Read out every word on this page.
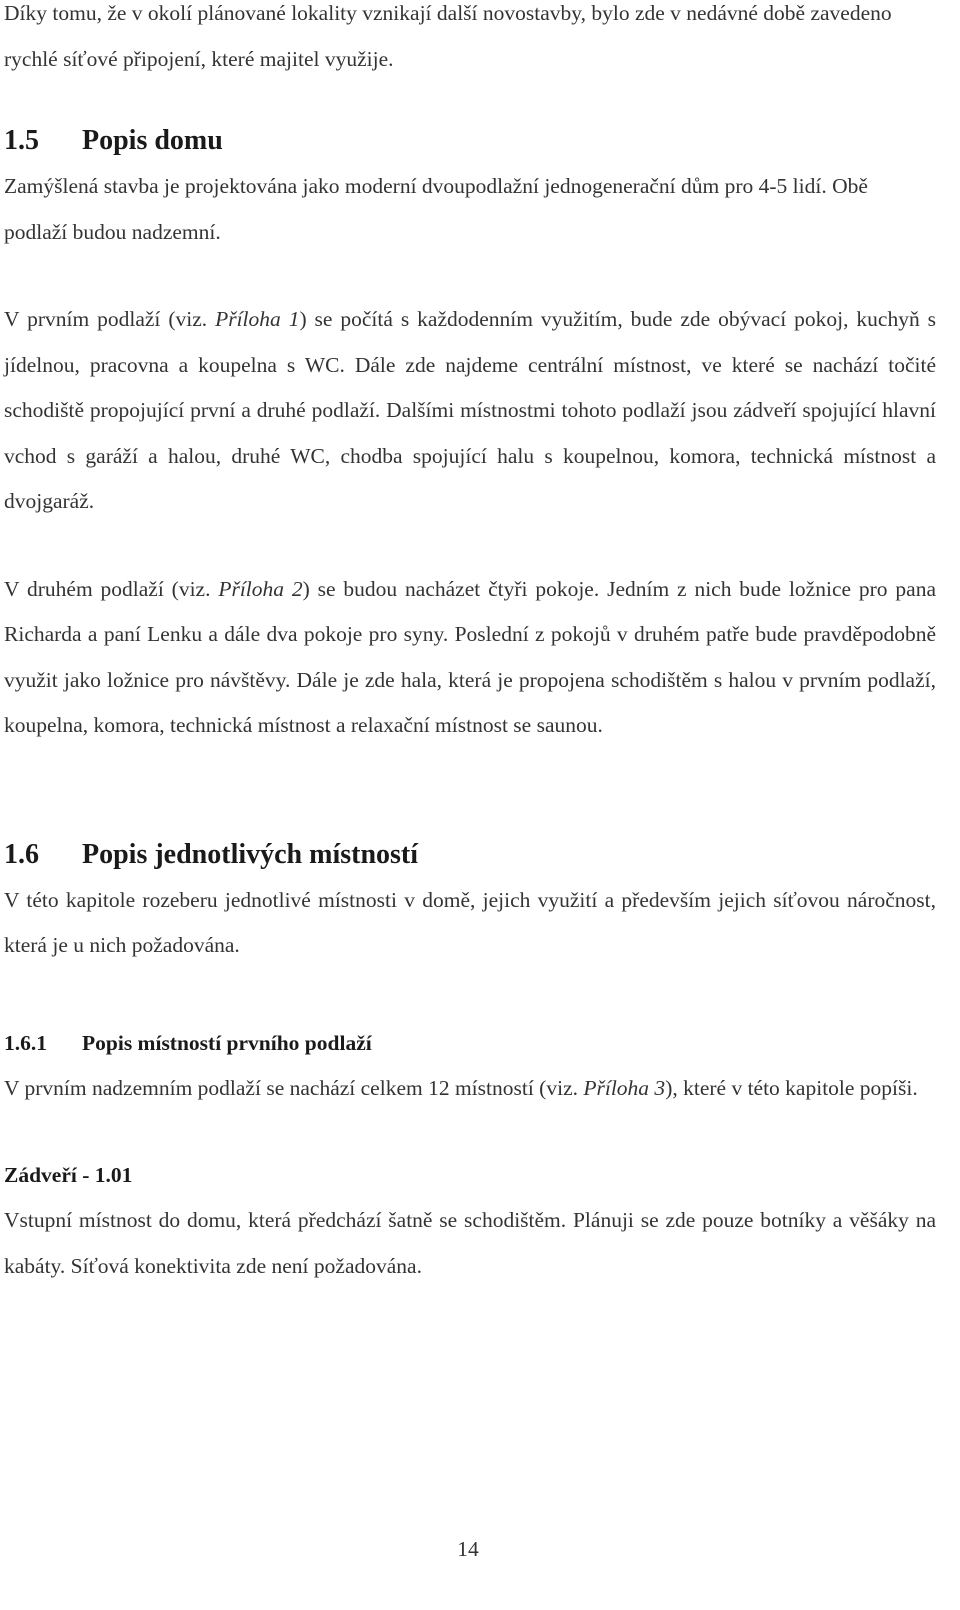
Díky tomu, že v okolí plánované lokality vznikají další novostavby, bylo zde v nedávné době zavedeno rychlé síťové připojení, které majitel využije.

1.5 Popis domu

Zamýšlená stavba je projektována jako moderní dvoupodlažní jednogenerační dům pro 4-5 lidí. Obě podlaží budou nadzemní.

V prvním podlaží (viz. Příloha 1) se počítá s každodenním využitím, bude zde obývací pokoj, kuchyň s jídelnou, pracovna a koupelna s WC. Dále zde najdeme centrální místnost, ve které se nachází točité schodiště propojující první a druhé podlaží. Dalšími místnostmi tohoto podlaží jsou zádveří spojující hlavní vchod s garáží a halou, druhé WC, chodba spojující halu s koupelnou, komora, technická místnost a dvojgaráž.

V druhém podlaží (viz. Příloha 2) se budou nacházet čtyři pokoje. Jedním z nich bude ložnice pro pana Richarda a paní Lenku a dále dva pokoje pro syny. Poslední z pokojů v druhém patře bude pravděpodobně využit jako ložnice pro návštěvy. Dále je zde hala, která je propojena schodištěm s halou v prvním podlaží, koupelna, komora, technická místnost a relaxační místnost se saunou.

1.6 Popis jednotlivých místností

V této kapitole rozeberu jednotlivé místnosti v domě, jejich využití a především jejich síťovou náročnost, která je u nich požadována.

1.6.1 Popis místností prvního podlaží

V prvním nadzemním podlaží se nachází celkem 12 místností (viz. Příloha 3), které v této kapitole popíši.

Zádveří - 1.01

Vstupní místnost do domu, která předchází šatně se schodištěm. Plánuji se zde pouze botníky a věšáky na kabáty. Síťová konektivita zde není požadována.

14
